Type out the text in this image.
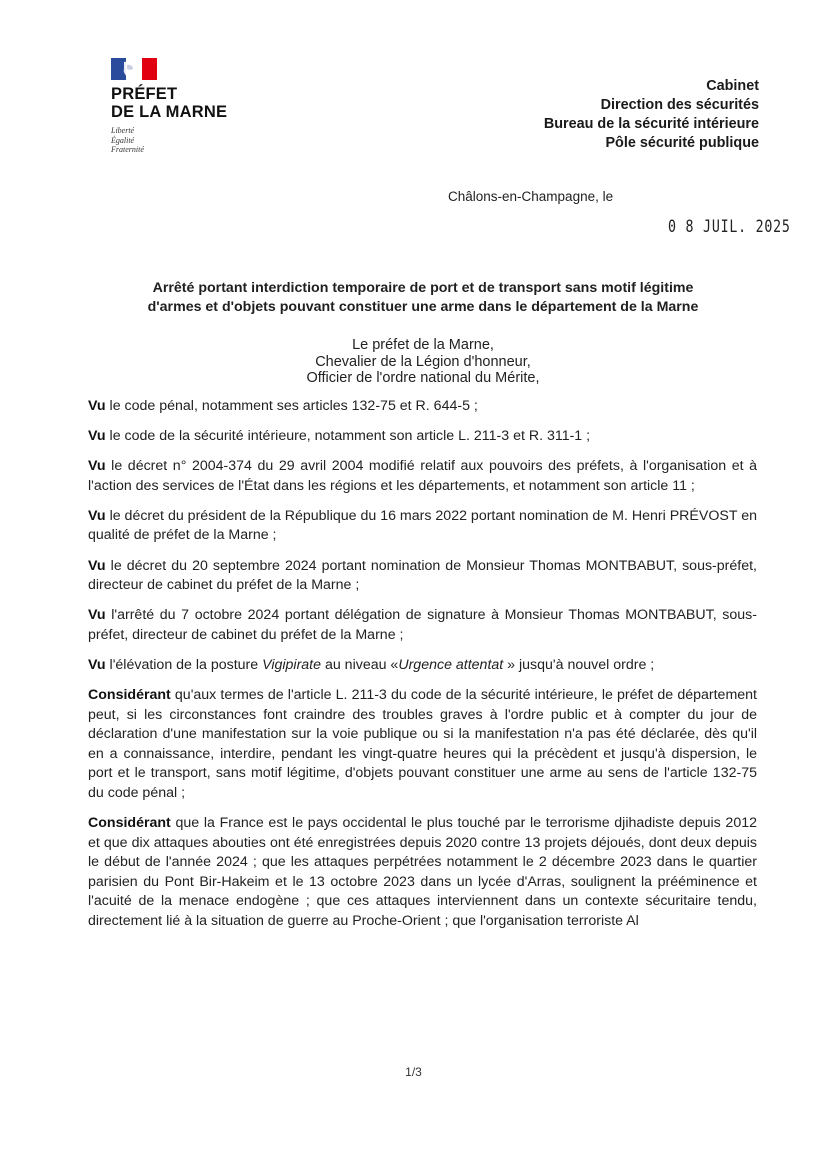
PRÉFET
DE LA MARNE
Liberté
Égalité
Fraternité
Cabinet
Direction des sécurités
Bureau de la sécurité intérieure
Pôle sécurité publique
Châlons-en-Champagne, le
0 8 JUIL. 2025
Arrêté portant interdiction temporaire de port et de transport sans motif légitime
d'armes et d'objets pouvant constituer une arme dans le département de la Marne
Le préfet de la Marne,
Chevalier de la Légion d'honneur,
Officier de l'ordre national du Mérite,

Vu le code pénal, notamment ses articles 132-75 et R. 644-5 ;

Vu le code de la sécurité intérieure, notamment son article L. 211-3 et R. 311-1 ;

Vu le décret n° 2004-374 du 29 avril 2004 modifié relatif aux pouvoirs des préfets, à l'organisation et à l'action des services de l'État dans les régions et les départements, et notamment son article 11 ;

Vu le décret du président de la République du 16 mars 2022 portant nomination de M. Henri PRÉVOST en qualité de préfet de la Marne ;

Vu le décret du 20 septembre 2024 portant nomination de Monsieur Thomas MONTBABUT, sous-préfet, directeur de cabinet du préfet de la Marne ;

Vu l'arrêté du 7 octobre 2024 portant délégation de signature à Monsieur Thomas MONTBABUT, sous-préfet, directeur de cabinet du préfet de la Marne ;

Vu l'élévation de la posture Vigipirate au niveau «Urgence attentat » jusqu'à nouvel ordre ;

Considérant qu'aux termes de l'article L. 211-3 du code de la sécurité intérieure, le préfet de département peut, si les circonstances font craindre des troubles graves à l'ordre public et à compter du jour de déclaration d'une manifestation sur la voie publique ou si la manifestation n'a pas été déclarée, dès qu'il en a connaissance, interdire, pendant les vingt-quatre heures qui la précèdent et jusqu'à dispersion, le port et le transport, sans motif légitime, d'objets pouvant constituer une arme au sens de l'article 132-75 du code pénal ;

Considérant que la France est le pays occidental le plus touché par le terrorisme djihadiste depuis 2012 et que dix attaques abouties ont été enregistrées depuis 2020 contre 13 projets déjoués, dont deux depuis le début de l'année 2024 ; que les attaques perpétrées notamment le 2 décembre 2023 dans le quartier parisien du Pont Bir-Hakeim et le 13 octobre 2023 dans un lycée d'Arras, soulignent la prééminence et l'acuité de la menace endogène ; que ces attaques interviennent dans un contexte sécuritaire tendu, directement lié à la situation de guerre au Proche-Orient ; que l'organisation terroriste Al

1/3
